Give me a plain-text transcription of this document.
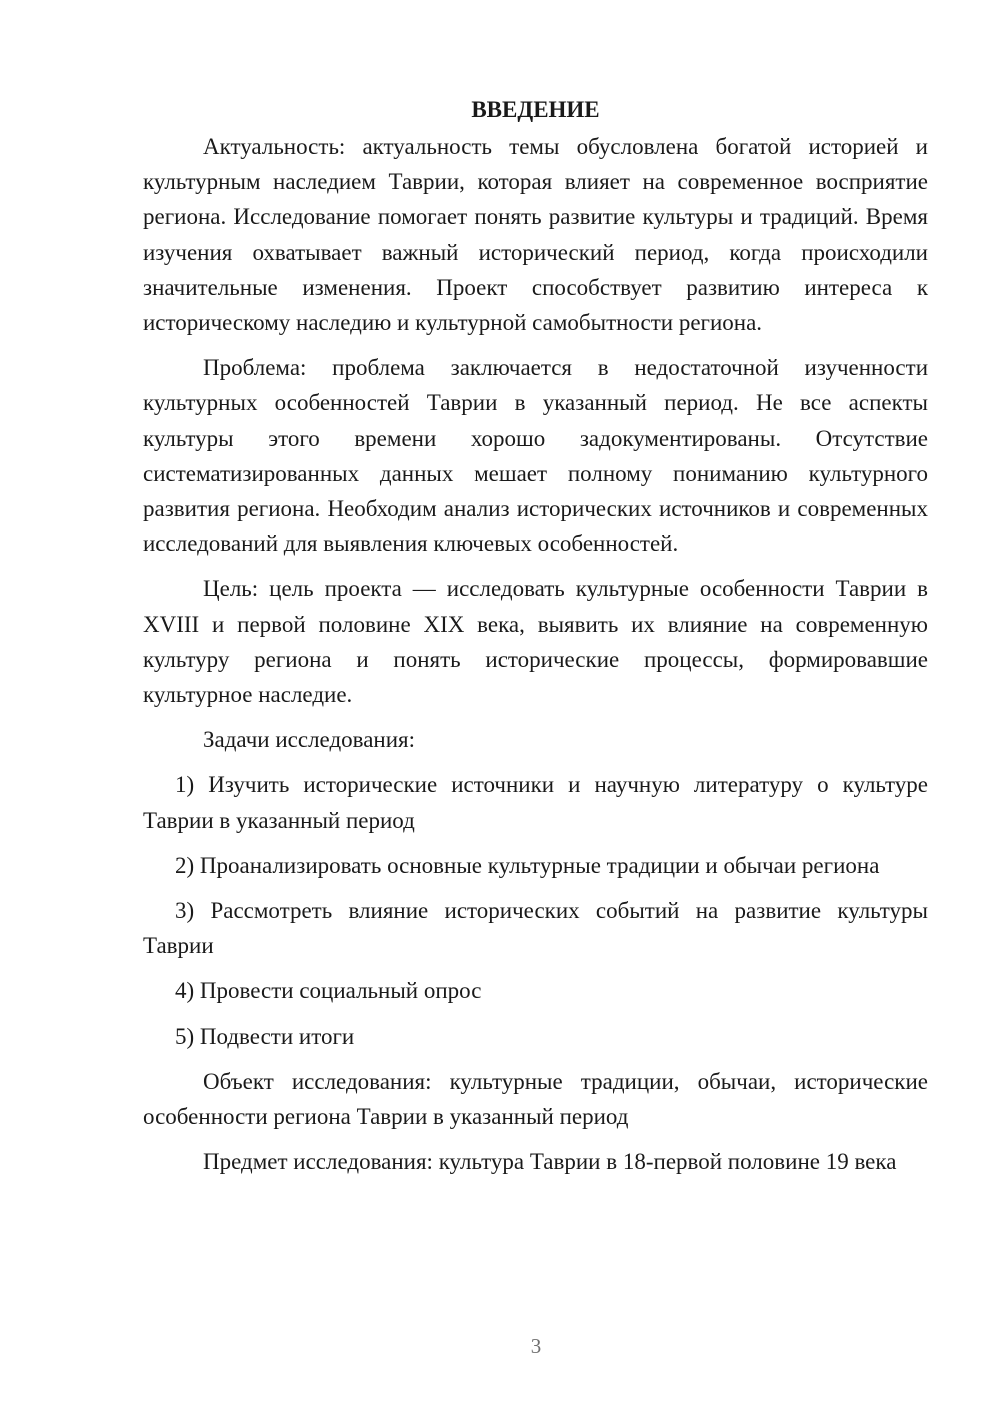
ВВЕДЕНИЕ

Актуальность: актуальность темы обусловлена богатой историей и культурным наследием Таврии, которая влияет на современное восприятие региона. Исследование помогает понять развитие культуры и традиций. Время изучения охватывает важный исторический период, когда происходили значительные изменения. Проект способствует развитию интереса к историческому наследию и культурной самобытности региона.

Проблема: проблема заключается в недостаточной изученности культурных особенностей Таврии в указанный период. Не все аспекты культуры этого времени хорошо задокументированы. Отсутствие систематизированных данных мешает полному пониманию культурного развития региона. Необходим анализ исторических источников и современных исследований для выявления ключевых особенностей.

Цель: цель проекта — исследовать культурные особенности Таврии в XVIII и первой половине XIX века, выявить их влияние на современную культуру региона и понять исторические процессы, формировавшие культурное наследие.

Задачи исследования:

1) Изучить исторические источники и научную литературу о культуре Таврии в указанный период

2) Проанализировать основные культурные традиции и обычаи региона

3) Рассмотреть влияние исторических событий на развитие культуры Таврии

4) Провести социальный опрос

5) Подвести итоги

Объект исследования: культурные традиции, обычаи, исторические особенности региона Таврии в указанный период

Предмет исследования: культура Таврии в 18-первой половине 19 века

3
